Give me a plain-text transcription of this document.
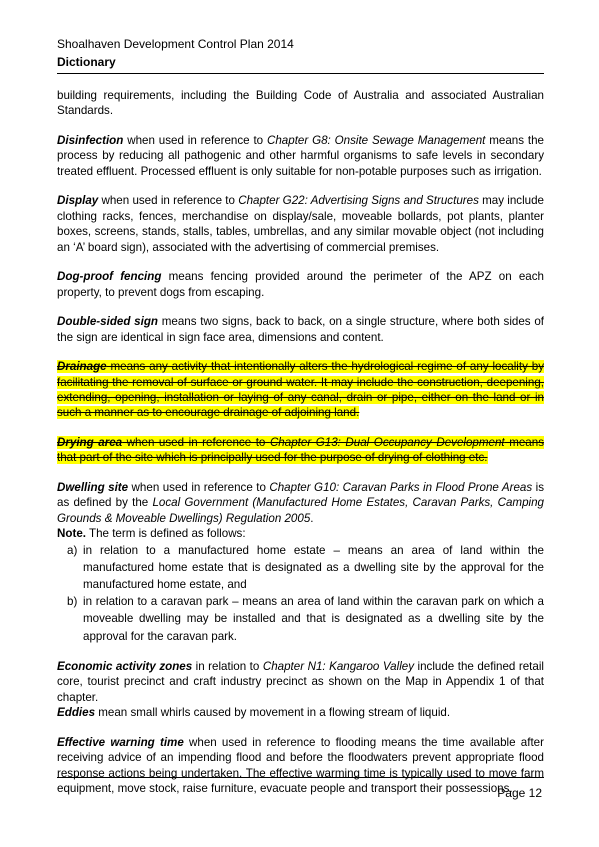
Shoalhaven Development Control Plan 2014
Dictionary

building requirements, including the Building Code of Australia and associated Australian Standards.

Disinfection when used in reference to Chapter G8: Onsite Sewage Management means the process by reducing all pathogenic and other harmful organisms to safe levels in secondary treated effluent. Processed effluent is only suitable for non-potable purposes such as irrigation.

Display when used in reference to Chapter G22: Advertising Signs and Structures may include clothing racks, fences, merchandise on display/sale, moveable bollards, pot plants, planter boxes, screens, stands, stalls, tables, umbrellas, and any similar movable object (not including an ‘A’ board sign), associated with the advertising of commercial premises.

Dog-proof fencing means fencing provided around the perimeter of the APZ on each property, to prevent dogs from escaping.

Double-sided sign means two signs, back to back, on a single structure, where both sides of the sign are identical in sign face area, dimensions and content.

Drainage means any activity that intentionally alters the hydrological regime of any locality by facilitating the removal of surface or ground water. It may include the construction, deepening, extending, opening, installation or laying of any canal, drain or pipe, either on the land or in such a manner as to encourage drainage of adjoining land.

Drying area when used in reference to Chapter G13: Dual Occupancy Development means that part of the site which is principally used for the purpose of drying of clothing etc.

Dwelling site when used in reference to Chapter G10: Caravan Parks in Flood Prone Areas is as defined by the Local Government (Manufactured Home Estates, Caravan Parks, Camping Grounds & Moveable Dwellings) Regulation 2005.

Note. The term is defined as follows:

a) in relation to a manufactured home estate – means an area of land within the manufactured home estate that is designated as a dwelling site by the approval for the manufactured home estate, and
b) in relation to a caravan park – means an area of land within the caravan park on which a moveable dwelling may be installed and that is designated as a dwelling site by the approval for the caravan park.

Economic activity zones in relation to Chapter N1: Kangaroo Valley include the defined retail core, tourist precinct and craft industry precinct as shown on the Map in Appendix 1 of that chapter.

Eddies mean small whirls caused by movement in a flowing stream of liquid.

Effective warning time when used in reference to flooding means the time available after receiving advice of an impending flood and before the floodwaters prevent appropriate flood response actions being undertaken. The effective warming time is typically used to move farm equipment, move stock, raise furniture, evacuate people and transport their possessions.

Page 12
